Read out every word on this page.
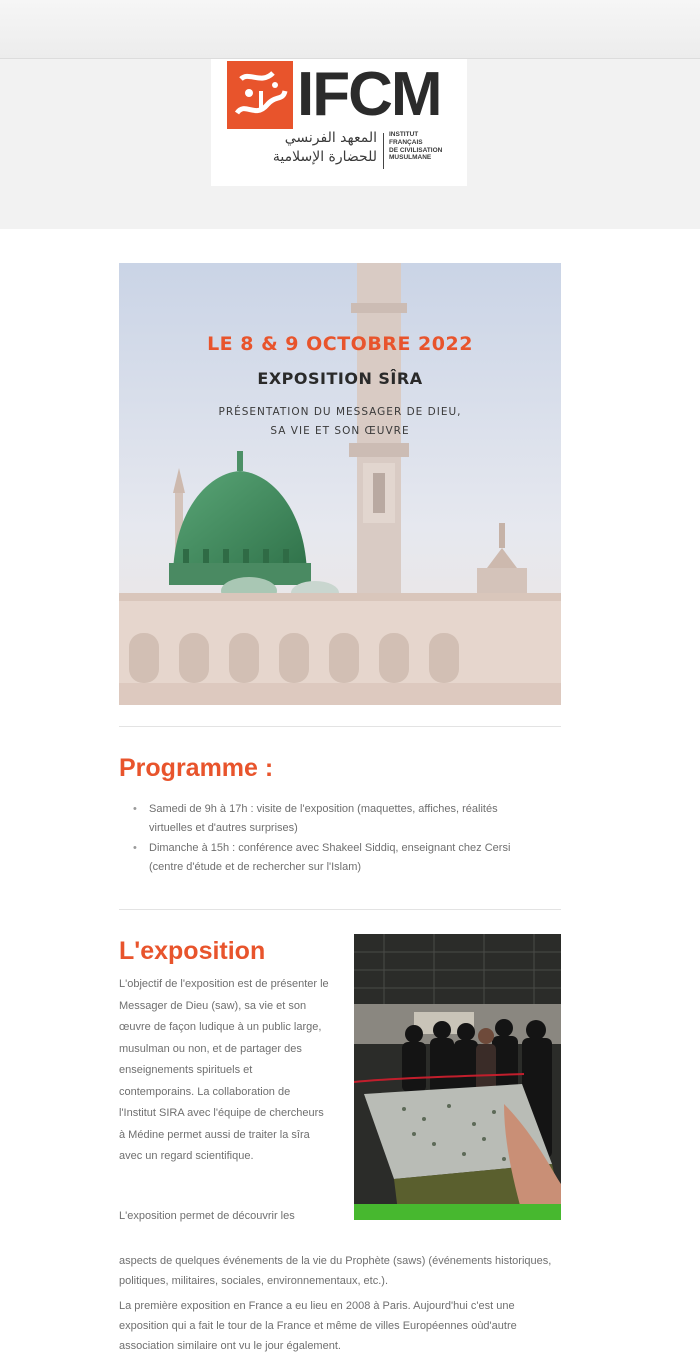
IFCM
المعهد الفرنسي
للحضارة الإسلامية
INSTITUT
FRANÇAIS
DE CIVILISATION
MUSULMANE
LE 8 & 9 OCTOBRE 2022
EXPOSITION SÎRA
PRÉSENTATION DU MESSAGER DE DIEU,
SA VIE ET SON ŒUVRE
Programme :
• Samedi de 9h à 17h : visite de l'exposition (maquettes, affiches, réalités virtuelles et d'autres surprises)
• Dimanche à 15h : conférence avec Shakeel Siddiq, enseignant chez Cersi (centre d'étude et de rechercher sur l'Islam)
L'exposition

L'objectif de l'exposition est de présenter le Messager de Dieu (saw), sa vie et son œuvre de façon ludique à un public large, musulman ou non, et de partager des enseignements spirituels et contemporains. La collaboration de l'Institut SIRA avec l'équipe de chercheurs à Médine permet aussi de traiter la sîra avec un regard scientifique.

L'exposition permet de découvrir les

aspects de quelques événements de la vie du Prophète (saws) (événements historiques, politiques, militaires, sociales, environnementaux, etc.).

La première exposition en France a eu lieu en 2008 à Paris. Aujourd'hui c'est une exposition qui a fait le tour de la France et même de villes Européennes oùd'autre association similaire ont vu le jour également.
